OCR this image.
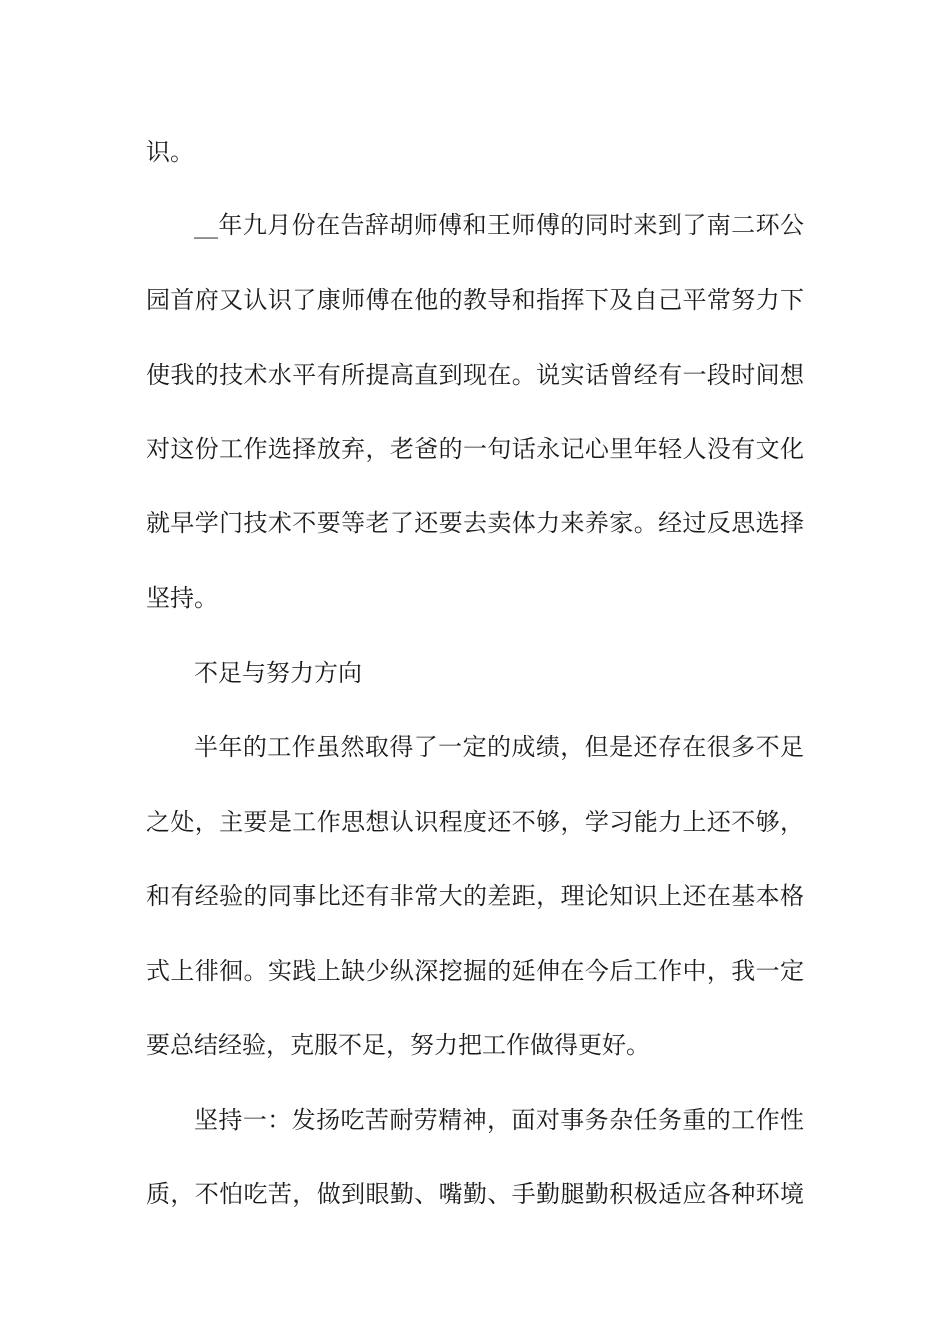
识。
__年九月份在告辞胡师傅和王师傅的同时来到了南二环公
园首府又认识了康师傅在他的教导和指挥下及自己平常努力下
使我的技术水平有所提高直到现在。说实话曾经有一段时间想
对这份工作选择放弃，老爸的一句话永记心里年轻人没有文化
就早学门技术不要等老了还要去卖体力来养家。经过反思选择
坚持。
不足与努力方向
半年的工作虽然取得了一定的成绩，但是还存在很多不足
之处，主要是工作思想认识程度还不够，学习能力上还不够，
和有经验的同事比还有非常大的差距，理论知识上还在基本格
式上徘徊。实践上缺少纵深挖掘的延伸在今后工作中，我一定
要总结经验，克服不足，努力把工作做得更好。
坚持一：发扬吃苦耐劳精神，面对事务杂任务重的工作性
质，不怕吃苦，做到眼勤、嘴勤、手勤腿勤积极适应各种环境
